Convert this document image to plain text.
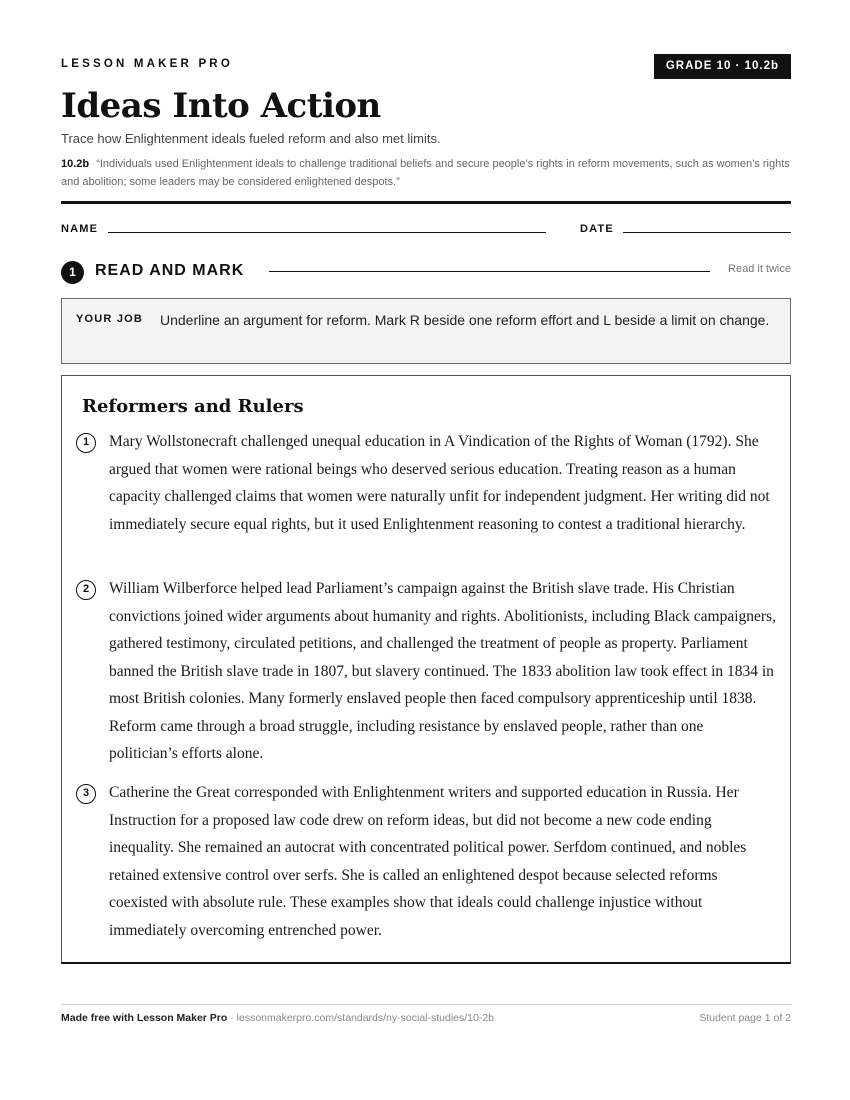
LESSON MAKER PRO	GRADE 10 · 10.2b
Ideas Into Action
Trace how Enlightenment ideals fueled reform and also met limits.
10.2b “Individuals used Enlightenment ideals to challenge traditional beliefs and secure people’s rights in reform movements, such as women’s rights and abolition; some leaders may be considered enlightened despots.”
NAME	DATE
1	READ AND MARK	Read it twice
YOUR JOB Underline an argument for reform. Mark R beside one reform effort and L beside a limit on change.
Reformers and Rulers
1	Mary Wollstonecraft challenged unequal education in A Vindication of the Rights of Woman (1792). She argued that women were rational beings who deserved serious education. Treating reason as a human capacity challenged claims that women were naturally unfit for independent judgment. Her writing did not immediately secure equal rights, but it used Enlightenment reasoning to contest a traditional hierarchy.
2	William Wilberforce helped lead Parliament’s campaign against the British slave trade. His Christian convictions joined wider arguments about humanity and rights. Abolitionists, including Black campaigners, gathered testimony, circulated petitions, and challenged the treatment of people as property. Parliament banned the British slave trade in 1807, but slavery continued. The 1833 abolition law took effect in 1834 in most British colonies. Many formerly enslaved people then faced compulsory apprenticeship until 1838. Reform came through a broad struggle, including resistance by enslaved people, rather than one politician’s efforts alone.
3	Catherine the Great corresponded with Enlightenment writers and supported education in Russia. Her Instruction for a proposed law code drew on reform ideas, but did not become a new code ending inequality. She remained an autocrat with concentrated political power. Serfdom continued, and nobles retained extensive control over serfs. She is called an enlightened despot because selected reforms coexisted with absolute rule. These examples show that ideals could challenge injustice without immediately overcoming entrenched power.
Made free with Lesson Maker Pro · lessonmakerpro.com/standards/ny-social-studies/10-2b	Student page 1 of 2
